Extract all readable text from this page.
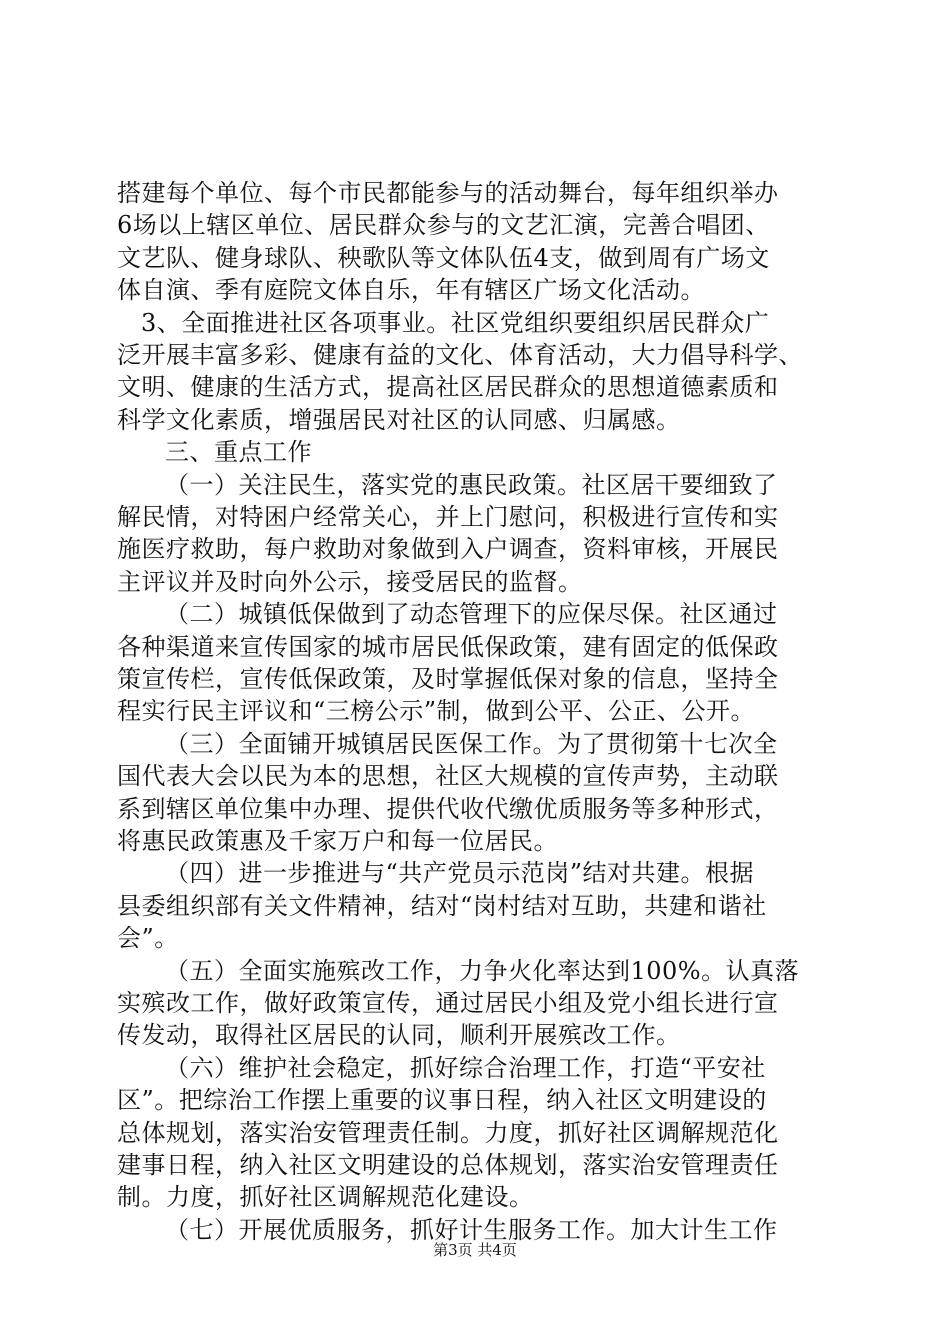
搭建每个单位、每个市民都能参与的活动舞台，每年组织举办
6场以上辖区单位、居民群众参与的文艺汇演，完善合唱团、
文艺队、健身球队、秧歌队等文体队伍4支，做到周有广场文
体自演、季有庭院文体自乐，年有辖区广场文化活动。
3、全面推进社区各项事业。社区党组织要组织居民群众广
泛开展丰富多彩、健康有益的文化、体育活动，大力倡导科学、
文明、健康的生活方式，提高社区居民群众的思想道德素质和
科学文化素质，增强居民对社区的认同感、归属感。
三、重点工作
（一）关注民生，落实党的惠民政策。社区居干要细致了
解民情，对特困户经常关心，并上门慰问，积极进行宣传和实
施医疗救助，每户救助对象做到入户调查，资料审核，开展民
主评议并及时向外公示，接受居民的监督。
（二）城镇低保做到了动态管理下的应保尽保。社区通过
各种渠道来宣传国家的城市居民低保政策，建有固定的低保政
策宣传栏，宣传低保政策，及时掌握低保对象的信息，坚持全
程实行民主评议和“三榜公示”制，做到公平、公正、公开。
（三）全面铺开城镇居民医保工作。为了贯彻第十七次全
国代表大会以民为本的思想，社区大规模的宣传声势，主动联
系到辖区单位集中办理、提供代收代缴优质服务等多种形式，
将惠民政策惠及千家万户和每一位居民。
（四）进一步推进与“共产党员示范岗”结对共建。根据
县委组织部有关文件精神，结对“岗村结对互助，共建和谐社
会”。
（五）全面实施殡改工作，力争火化率达到100%。认真落
实殡改工作，做好政策宣传，通过居民小组及党小组长进行宣
传发动，取得社区居民的认同，顺利开展殡改工作。
（六）维护社会稳定，抓好综合治理工作，打造“平安社
区”。把综治工作摆上重要的议事日程，纳入社区文明建设的
总体规划，落实治安管理责任制。力度，抓好社区调解规范化
建事日程，纳入社区文明建设的总体规划，落实治安管理责任
制。力度，抓好社区调解规范化建设。
（七）开展优质服务，抓好计生服务工作。加大计生工作
第3页 共4页
